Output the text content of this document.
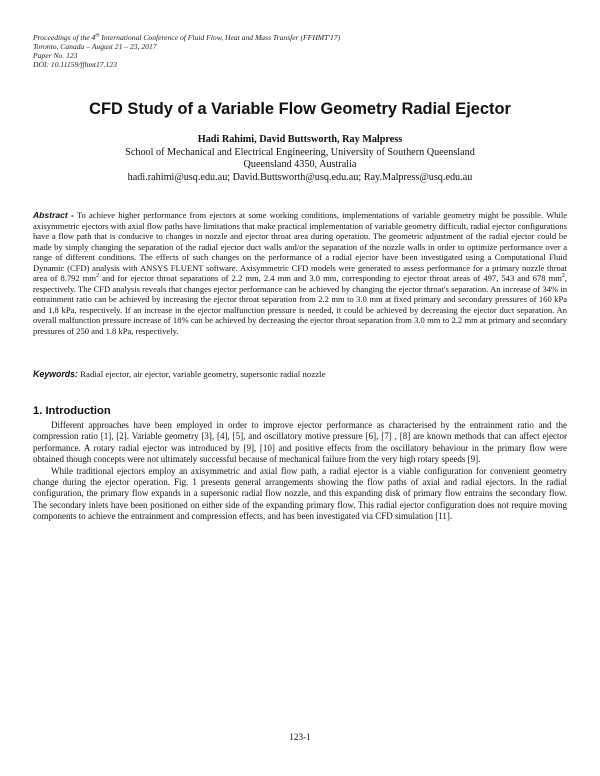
Proceedings of the 4th International Conference of Fluid Flow, Heat and Mass Transfer (FFHMT'17)
Toronto, Canada – August 21 – 23, 2017
Paper No. 123
DOI: 10.11159/ffhmt17.123
CFD Study of a Variable Flow Geometry Radial Ejector
Hadi Rahimi, David Buttsworth, Ray Malpress
School of Mechanical and Electrical Engineering, University of Southern Queensland
Queensland 4350, Australia
hadi.rahimi@usq.edu.au; David.Buttsworth@usq.edu.au; Ray.Malpress@usq.edu.au
Abstract - To achieve higher performance from ejectors at some working conditions, implementations of variable geometry might be possible. While axisymmetric ejectors with axial flow paths have limitations that make practical implementation of variable geometry difficult, radial ejector configurations have a flow path that is conducive to changes in nozzle and ejector throat area during operation. The geometric adjustment of the radial ejector could be made by simply changing the separation of the radial ejector duct walls and/or the separation of the nozzle walls in order to optimize performance over a range of different conditions. The effects of such changes on the performance of a radial ejector have been investigated using a Computational Fluid Dynamic (CFD) analysis with ANSYS FLUENT software. Axisymmetric CFD models were generated to assess performance for a primary nozzle throat area of 8.792 $mm^2$ and for ejector throat separations of 2.2 mm, 2.4 mm and 3.0 mm, corresponding to ejector throat areas of 497, 543 and 678 $mm^2$, respectively. The CFD analysis reveals that changes ejector performance can be achieved by changing the ejector throat's separation. An increase of 34% in entrainment ratio can be achieved by increasing the ejector throat separation from 2.2 mm to 3.0 mm at fixed primary and secondary pressures of 160 kPa and 1.8 kPa, respectively. If an increase in the ejector malfunction pressure is needed, it could be achieved by decreasing the ejector duct separation. An overall malfunction pressure increase of 18% can be achieved by decreasing the ejector throat separation from 3.0 mm to 2.2 mm at primary and secondary pressures of 250 and 1.8 kPa, respectively.
Keywords: Radial ejector, air ejector, variable geometry, supersonic radial nozzle
1. Introduction

Different approaches have been employed in order to improve ejector performance as characterised by the entrainment ratio and the compression ratio [1], [2]. Variable geometry [3], [4], [5], and oscillatory motive pressure [6], [7] , [8] are known methods that can affect ejector performance. A rotary radial ejector was introduced by [9], [10] and positive effects from the oscillatory behaviour in the primary flow were obtained though concepts were not ultimately successful because of mechanical failure from the very high rotary speeds [9].

While traditional ejectors employ an axisymmetric and axial flow path, a radial ejector is a viable configuration for convenient geometry change during the ejector operation. Fig. 1 presents general arrangements showing the flow paths of axial and radial ejectors. In the radial configuration, the primary flow expands in a supersonic radial flow nozzle, and this expanding disk of primary flow entrains the secondary flow. The secondary inlets have been positioned on either side of the expanding primary flow. This radial ejector configuration does not require moving components to achieve the entrainment and compression effects, and has been investigated via CFD simulation [11].

123-1
